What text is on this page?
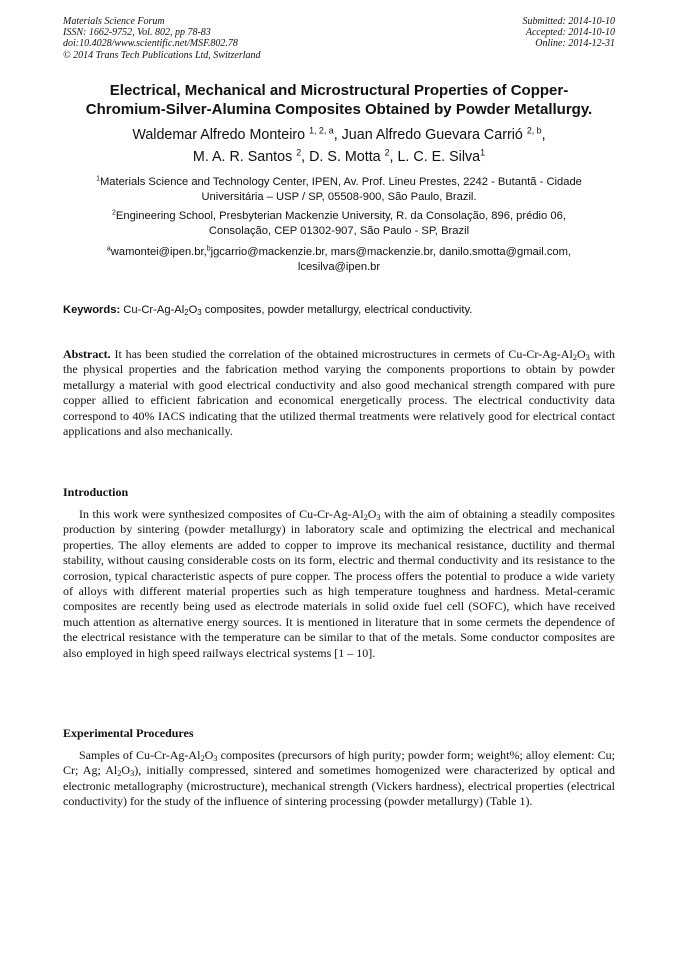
Materials Science Forum
ISSN: 1662-9752, Vol. 802, pp 78-83
doi:10.4028/www.scientific.net/MSF.802.78
© 2014 Trans Tech Publications Ltd, Switzerland
Submitted: 2014-10-10
Accepted: 2014-10-10
Online: 2014-12-31
Electrical, Mechanical and Microstructural Properties of Copper-
Chromium-Silver-Alumina Composites Obtained by Powder Metallurgy.
Waldemar Alfredo Monteiro $^{1, 2, a}$, Juan Alfredo Guevara Carrió $^{2, b}$,
M. A. R. Santos $^2$, D. S. Motta $^2$, L. C. E. Silva$^1$
$^1$Materials Science and Technology Center, IPEN, Av. Prof. Lineu Prestes, 2242 - Butantã - Cidade
Universitária – USP / SP, 05508-900, São Paulo, Brazil.
$^2$Engineering School, Presbyterian Mackenzie University, R. da Consolação, 896, prédio 06,
Consolação, CEP 01302-907, São Paulo - SP, Brazil
$^a$wamontei@ipen.br,$^b$jgcarrio@mackenzie.br, mars@mackenzie.br, danilo.smotta@gmail.com,
lcesilva@ipen.br
Keywords: $Cu-Cr-Ag-Al_2O_3$ composites, powder metallurgy, electrical conductivity.
Abstract. It has been studied the correlation of the obtained microstructures in cermets of $Cu-Cr-Ag-Al_2O_3$ with the physical properties and the fabrication method varying the components proportions to obtain by powder metallurgy a material with good electrical conductivity and also good mechanical strength compared with pure copper allied to efficient fabrication and economical energetically process. The electrical conductivity data correspond to 40% IACS indicating that the utilized thermal treatments were relatively good for electrical contact applications and also mechanically.
Introduction
In this work were synthesized composites of $Cu-Cr-Ag-Al_2O_3$ with the aim of obtaining a steadily composites production by sintering (powder metallurgy) in laboratory scale and optimizing the electrical and mechanical properties. The alloy elements are added to copper to improve its mechanical resistance, ductility and thermal stability, without causing considerable costs on its form, electric and thermal conductivity and its resistance to the corrosion, typical characteristic aspects of pure copper. The process offers the potential to produce a wide variety of alloys with different material properties such as high temperature toughness and hardness. Metal-ceramic composites are recently being used as electrode materials in solid oxide fuel cell (SOFC), which have received much attention as alternative energy sources. It is mentioned in literature that in some cermets the dependence of the electrical resistance with the temperature can be similar to that of the metals. Some conductor composites are also employed in high speed railways electrical systems [1 – 10].
Experimental Procedures
Samples of $Cu-Cr-Ag-Al_2O_3$ composites (precursors of high purity; powder form; weight%; alloy element: Cu; Cr; Ag; $Al_2O_3$), initially compressed, sintered and sometimes homogenized were characterized by optical and electronic metallography (microstructure), mechanical strength (Vickers hardness), electrical properties (electrical conductivity) for the study of the influence of sintering processing (powder metallurgy) (Table 1).
